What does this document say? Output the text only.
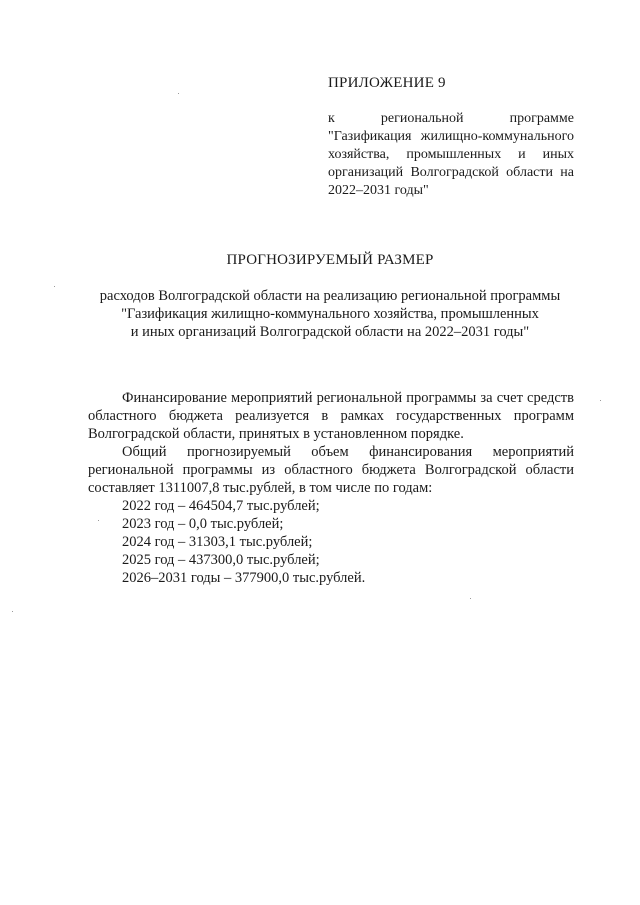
ПРИЛОЖЕНИЕ 9

к региональной программе "Газификация жилищно-коммунального хозяйства, промышленных и иных организаций Волгоградской области на 2022–2031 годы"

ПРОГНОЗИРУЕМЫЙ РАЗМЕР

расходов Волгоградской области на реализацию региональной программы
"Газификация жилищно-коммунального хозяйства, промышленных
и иных организаций Волгоградской области на 2022–2031 годы"

Финансирование мероприятий региональной программы за счет средств областного бюджета реализуется в рамках государственных программ Волгоградской области, принятых в установленном порядке.

Общий прогнозируемый объем финансирования мероприятий региональной программы из областного бюджета Волгоградской области составляет 1311007,8 тыс.рублей, в том числе по годам:

2022 год – 464504,7 тыс.рублей;
2023 год – 0,0 тыс.рублей;
2024 год – 31303,1 тыс.рублей;
2025 год – 437300,0 тыс.рублей;
2026–2031 годы – 377900,0 тыс.рублей.
